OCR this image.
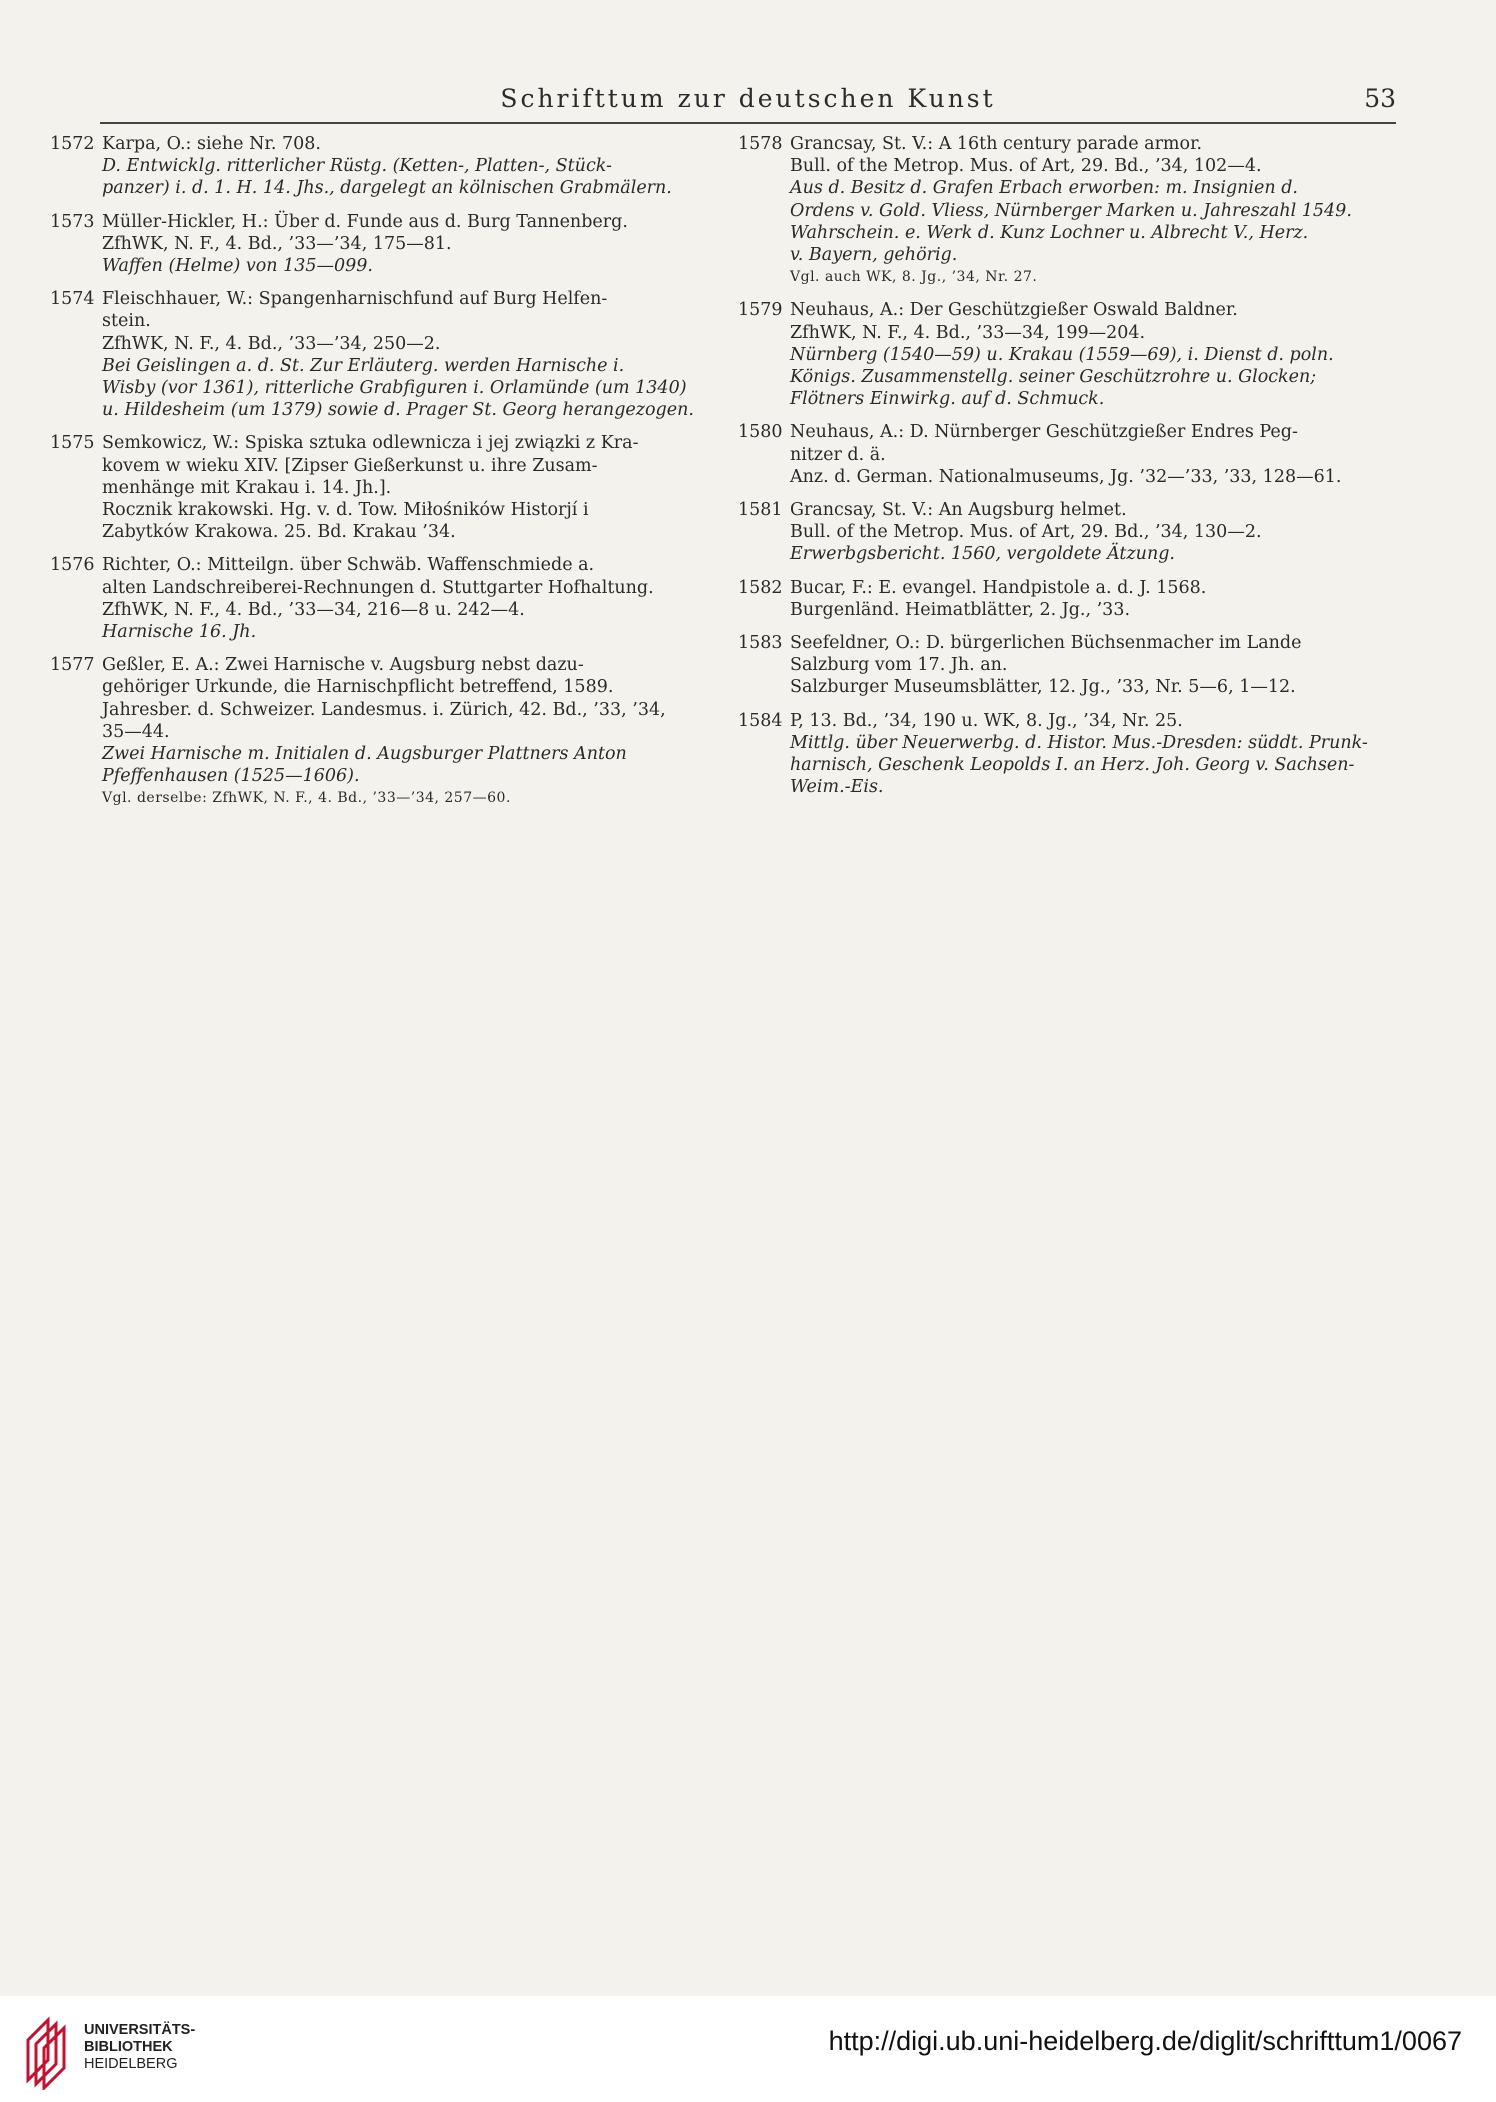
Schrifttum zur deutschen Kunst	53
1572 Karpa, O.: siehe Nr. 708.
D. Entwicklg. ritterlicher Rüstg. (Ketten-, Platten-, Stück-
panzer) i. d. 1. H. 14. Jhs., dargelegt an kölnischen Grabmälern.
1573 Müller-Hickler, H.: Über d. Funde aus d. Burg Tannenberg.
ZfhWK, N. F., 4. Bd., ’33—’34, 175—81.
Waffen (Helme) von 135—099.
1574 Fleischhauer, W.: Spangenharnischfund auf Burg Helfen-
stein.
ZfhWK, N. F., 4. Bd., ’33—’34, 250—2.
Bei Geislingen a. d. St. Zur Erläuterg. werden Harnische i.
Wisby (vor 1361), ritterliche Grabfiguren i. Orlamünde (um 1340)
u. Hildesheim (um 1379) sowie d. Prager St. Georg herangezogen.
1575 Semkowicz, W.: Spiska sztuka odlewnicza i jej związki z Kra-
kovem w wieku XIV. [Zipser Gießerkunst u. ihre Zusam-
menhänge mit Krakau i. 14. Jh.].
Rocznik krakowski. Hg. v. d. Tow. Miłośników Historjí i
Zabytków Krakowa. 25. Bd. Krakau ’34.
1576 Richter, O.: Mitteilgn. über Schwäb. Waffenschmiede a.
alten Landschreiberei-Rechnungen d. Stuttgarter Hofhaltung.
ZfhWK, N. F., 4. Bd., ’33—34, 216—8 u. 242—4.
Harnische 16. Jh.
1577 Geßler, E. A.: Zwei Harnische v. Augsburg nebst dazu-
gehöriger Urkunde, die Harnischpflicht betreffend, 1589.
Jahresber. d. Schweizer. Landesmus. i. Zürich, 42. Bd., ’33, ’34,
35—44.
Zwei Harnische m. Initialen d. Augsburger Plattners Anton
Pfeffenhausen (1525—1606).
Vgl. derselbe: ZfhWK, N. F., 4. Bd., ’33—’34, 257—60.
1578 Grancsay, St. V.: A 16th century parade armor.
Bull. of the Metrop. Mus. of Art, 29. Bd., ’34, 102—4.
Aus d. Besitz d. Grafen Erbach erworben: m. Insignien d.
Ordens v. Gold. Vliess, Nürnberger Marken u. Jahreszahl 1549.
Wahrschein. e. Werk d. Kunz Lochner u. Albrecht V., Herz.
v. Bayern, gehörig.
Vgl. auch WK, 8. Jg., ’34, Nr. 27.
1579 Neuhaus, A.: Der Geschützgießer Oswald Baldner.
ZfhWK, N. F., 4. Bd., ’33—34, 199—204.
Nürnberg (1540—59) u. Krakau (1559—69), i. Dienst d. poln.
Königs. Zusammenstellg. seiner Geschützrohre u. Glocken;
Flötners Einwirkg. auf d. Schmuck.
1580 Neuhaus, A.: D. Nürnberger Geschützgießer Endres Peg-
nitzer d. ä.
Anz. d. German. Nationalmuseums, Jg. ’32—’33, ’33, 128—61.
1581 Grancsay, St. V.: An Augsburg helmet.
Bull. of the Metrop. Mus. of Art, 29. Bd., ’34, 130—2.
Erwerbgsbericht. 1560, vergoldete Ätzung.
1582 Bucar, F.: E. evangel. Handpistole a. d. J. 1568.
Burgenländ. Heimatblätter, 2. Jg., ’33.
1583 Seefeldner, O.: D. bürgerlichen Büchsenmacher im Lande
Salzburg vom 17. Jh. an.
Salzburger Museumsblätter, 12. Jg., ’33, Nr. 5—6, 1—12.
1584 P, 13. Bd., ’34, 190 u. WK, 8. Jg., ’34, Nr. 25.
Mittlg. über Neuerwerbg. d. Histor. Mus.-Dresden: süddt. Prunk-
harnisch, Geschenk Leopolds I. an Herz. Joh. Georg v. Sachsen-
Weim.-Eis.
UNIVERSITÄTS-
BIBLIOTHEK
HEIDELBERG
http://digi.ub.uni-heidelberg.de/diglit/schrifttum1/0067
